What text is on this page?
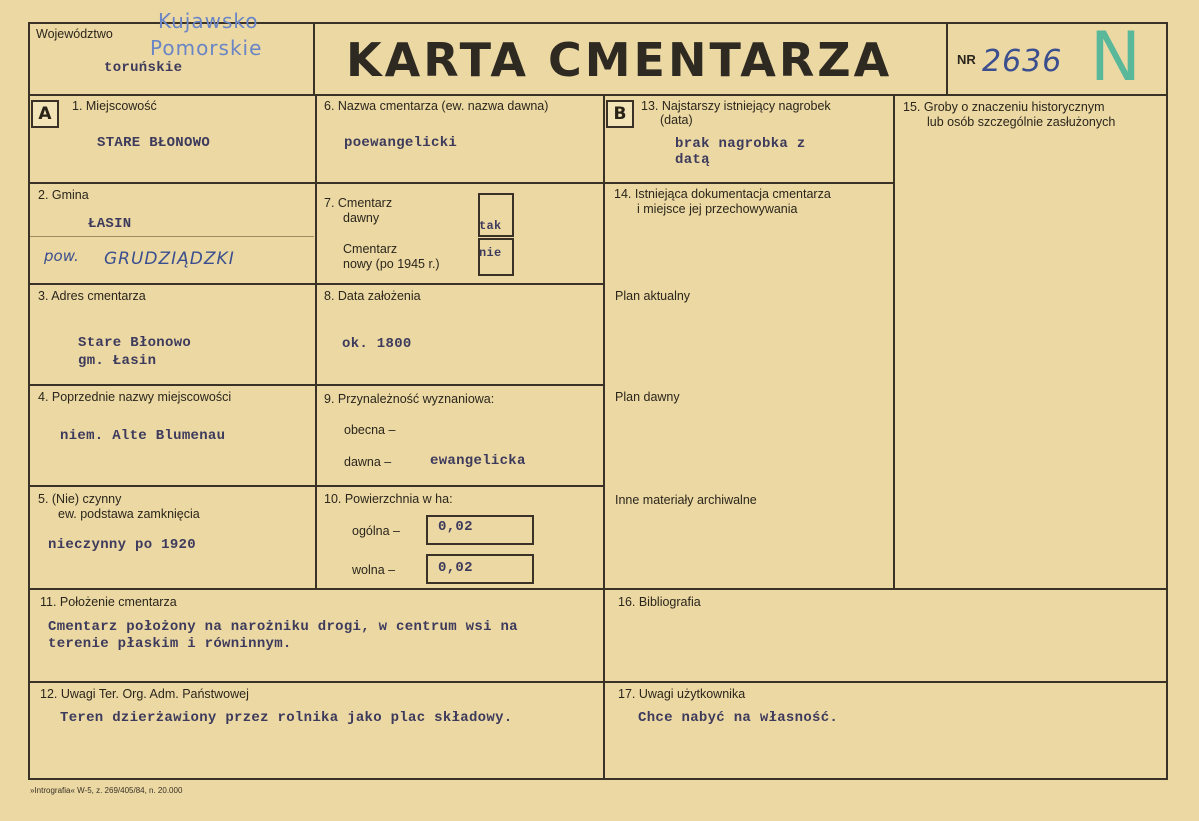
Województwo
toruńskie
Kujawsko
Pomorskie KARTA CMENTARZA	NR 2636 N
A	B
1. Miejscowość
STARE BŁONOWO
2. Gmina
ŁASIN
pow. GRUDZIĄDZKI
3. Adres cmentarza
Stare Błonowo
gm. Łasin
4. Poprzednie nazwy miejscowości
niem. Alte Blumenau
5. (Nie) czynny
ew. podstawa zamknięcia
nieczynny po 1920
6. Nazwa cmentarza (ew. nazwa dawna)
poewangelicki
7. Cmentarz
dawny
tak
Cmentarz
nowy (po 1945 r.)
nie
8. Data założenia
ok. 1800
9. Przynależność wyznaniowa:
obecna –
dawna –	ewangelicka
10. Powierzchnia w ha:
ogólna –	0,02
wolna –	0,02
13. Najstarszy istniejący nagrobek
(data)
brak nagrobka z
datą
14. Istniejąca dokumentacja cmentarza
i miejsce jej przechowywania
Plan aktualny
Plan dawny
Inne materiały archiwalne
15. Groby o znaczeniu historycznym
lub osób szczególnie zasłużonych
11. Położenie cmentarza
Cmentarz położony na narożniku drogi, w centrum wsi na
terenie płaskim i równinnym.
16. Bibliografia
12. Uwagi Ter. Org. Adm. Państwowej
Teren dzierżawiony przez rolnika jako plac składowy.
17. Uwagi użytkownika
Chce nabyć na własność.
»Intrografia« W-5, z. 269/405/84, n. 20.000
